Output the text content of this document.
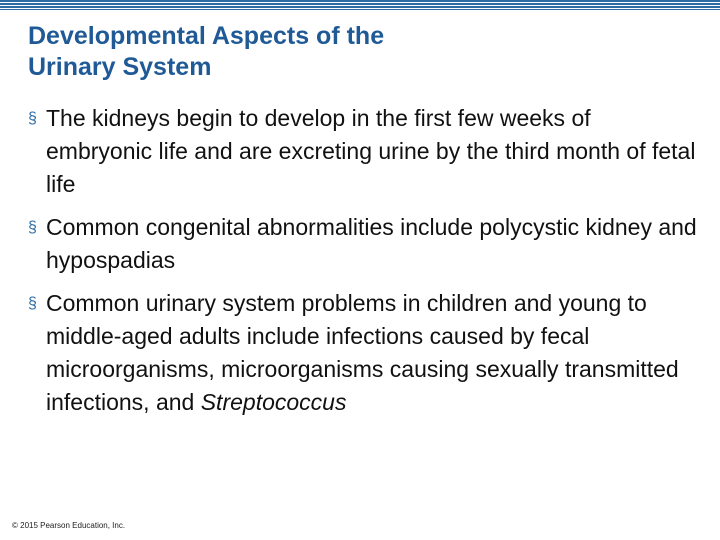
Developmental Aspects of the
Urinary System
§ The kidneys begin to develop in the first few weeks of embryonic life and are excreting urine by the third month of fetal life
§ Common congenital abnormalities include polycystic kidney and hypospadias
§ Common urinary system problems in children and young to middle-aged adults include infections caused by fecal microorganisms, microorganisms causing sexually transmitted infections, and Streptococcus
© 2015 Pearson Education, Inc.
